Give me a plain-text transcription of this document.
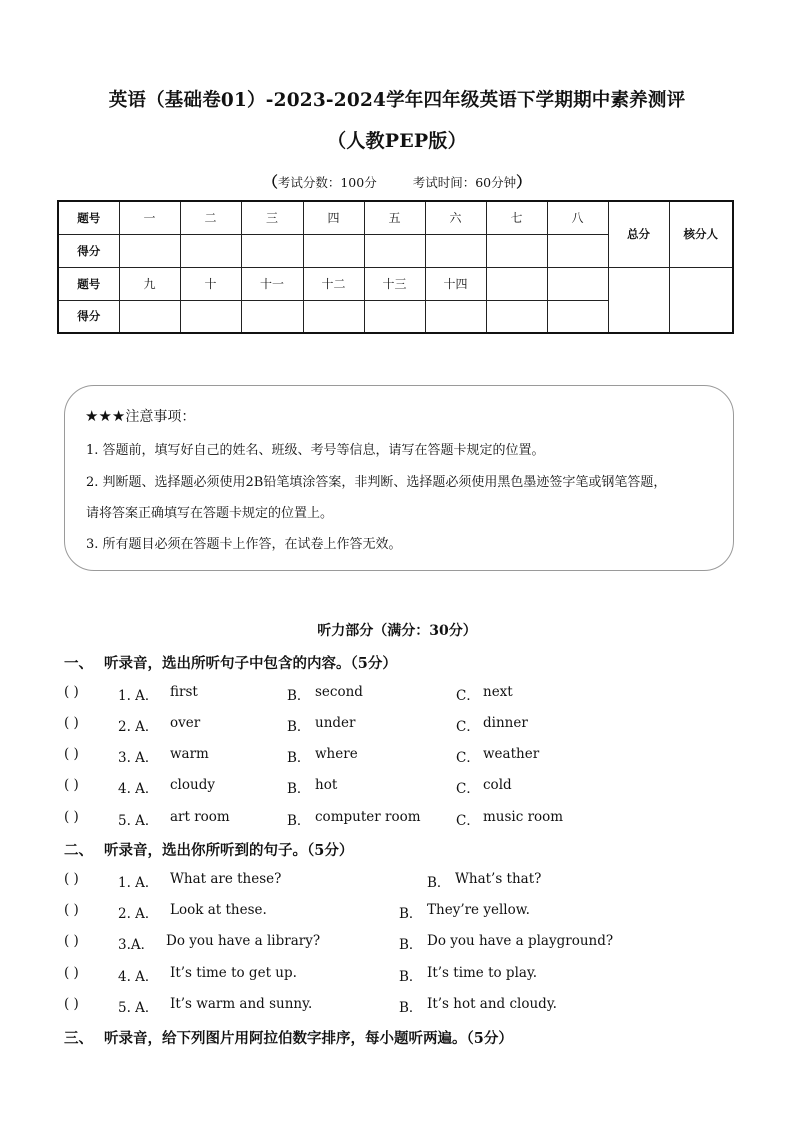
英语（基础卷01）-2023-2024学年四年级英语下学期期中素养测评
（人教PEP版）
（考试分数：100分	考试时间：60分钟）
题号	一	二	三	四	五	六	七	八	总分	核分人
得分										
题号	九	十	十一	十二	十三	十四				
得分										
★★★注意事项：
1. 答题前，填写好自己的姓名、班级、考号等信息，请写在答题卡规定的位置。
2. 判断题、选择题必须使用2B铅笔填涂答案，非判断、选择题必须使用黑色墨迹签字笔或钢笔答题，
请将答案正确填写在答题卡规定的位置上。
3. 所有题目必须在答题卡上作答，在试卷上作答无效。
听力部分（满分：30分）
一、 听录音，选出所听句子中包含的内容。（5分）
( )	1. A． first	B． second	C． next
( )	2. A． over	B． under	C． dinner
( )	3. A． warm	B． where	C． weather
( )	4. A． cloudy	B． hot	C． cold
( )	5. A． art room	B． computer room	C． music room
二、 听录音，选出你所听到的句子。（5分）
( )	1. A． What are these?	B． What’s that?
( )	2. A． Look at these.	B． They’re yellow.
( )	3.A． Do you have a library?	B． Do you have a playground?
( )	4. A． It’s time to get up.	B． It’s time to play.
( )	5. A． It’s warm and sunny.	B． It’s hot and cloudy.
三、 听录音，给下列图片用阿拉伯数字排序，每小题听两遍。（5分）
